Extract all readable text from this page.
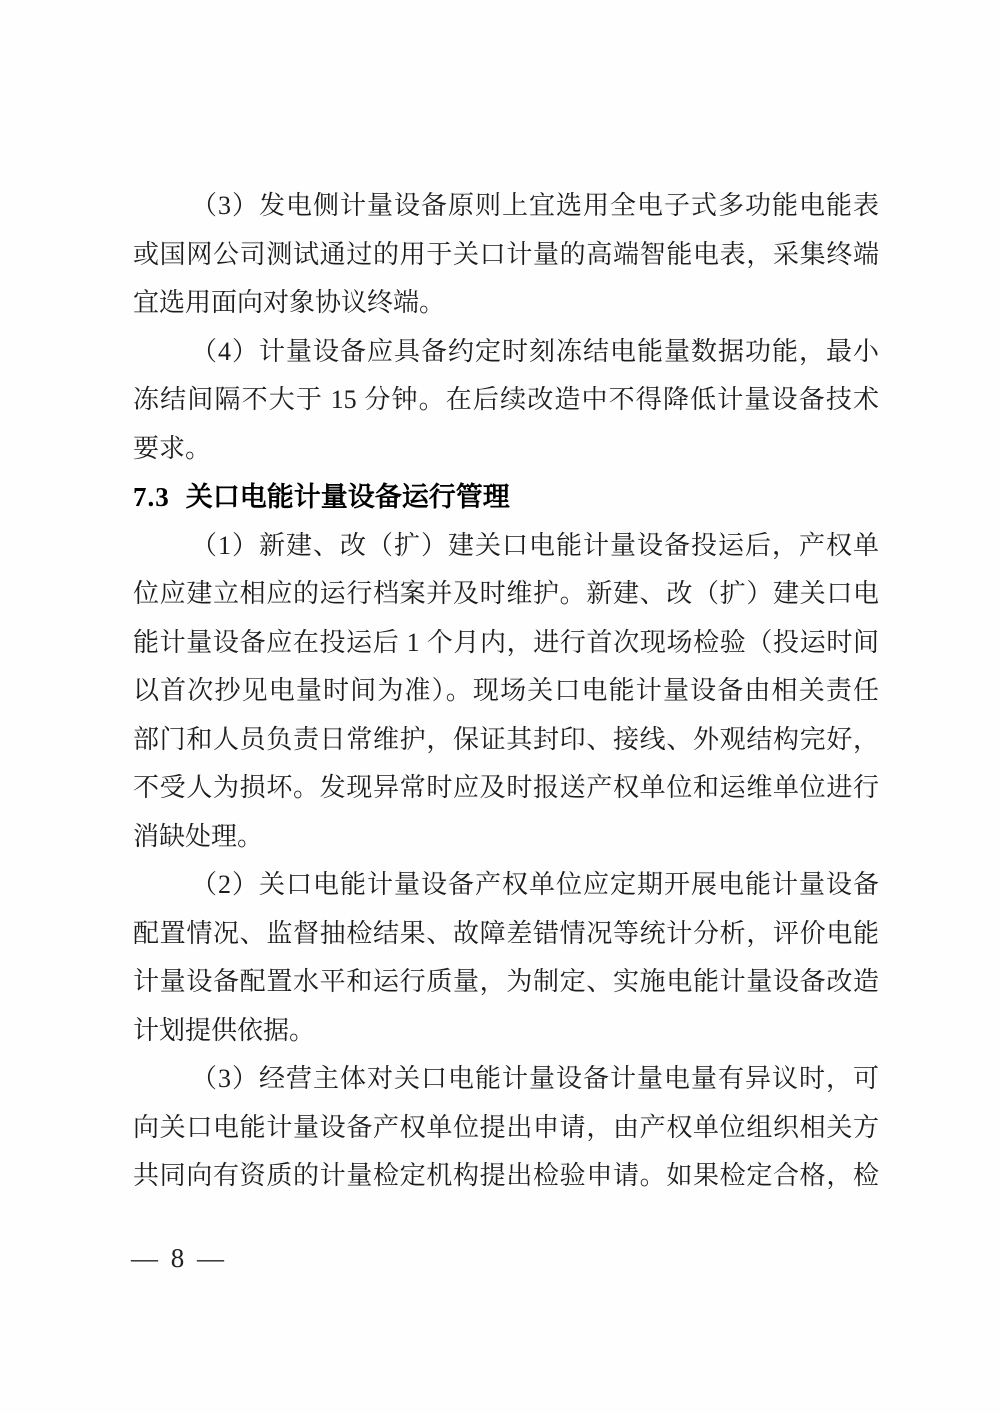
（3）发电侧计量设备原则上宜选用全电子式多功能电能表
或国网公司测试通过的用于关口计量的高端智能电表，采集终端
宜选用面向对象协议终端。
（4）计量设备应具备约定时刻冻结电能量数据功能，最小
冻结间隔不大于 15 分钟。在后续改造中不得降低计量设备技术
要求。
7.3 关口电能计量设备运行管理
（1）新建、改（扩）建关口电能计量设备投运后，产权单
位应建立相应的运行档案并及时维护。新建、改（扩）建关口电
能计量设备应在投运后 1 个月内，进行首次现场检验（投运时间
以首次抄见电量时间为准）。现场关口电能计量设备由相关责任
部门和人员负责日常维护，保证其封印、接线、外观结构完好，
不受人为损坏。发现异常时应及时报送产权单位和运维单位进行
消缺处理。
（2）关口电能计量设备产权单位应定期开展电能计量设备
配置情况、监督抽检结果、故障差错情况等统计分析，评价电能
计量设备配置水平和运行质量，为制定、实施电能计量设备改造
计划提供依据。
（3）经营主体对关口电能计量设备计量电量有异议时，可
向关口电能计量设备产权单位提出申请，由产权单位组织相关方
共同向有资质的计量检定机构提出检验申请。如果检定合格，检
— 8 —
